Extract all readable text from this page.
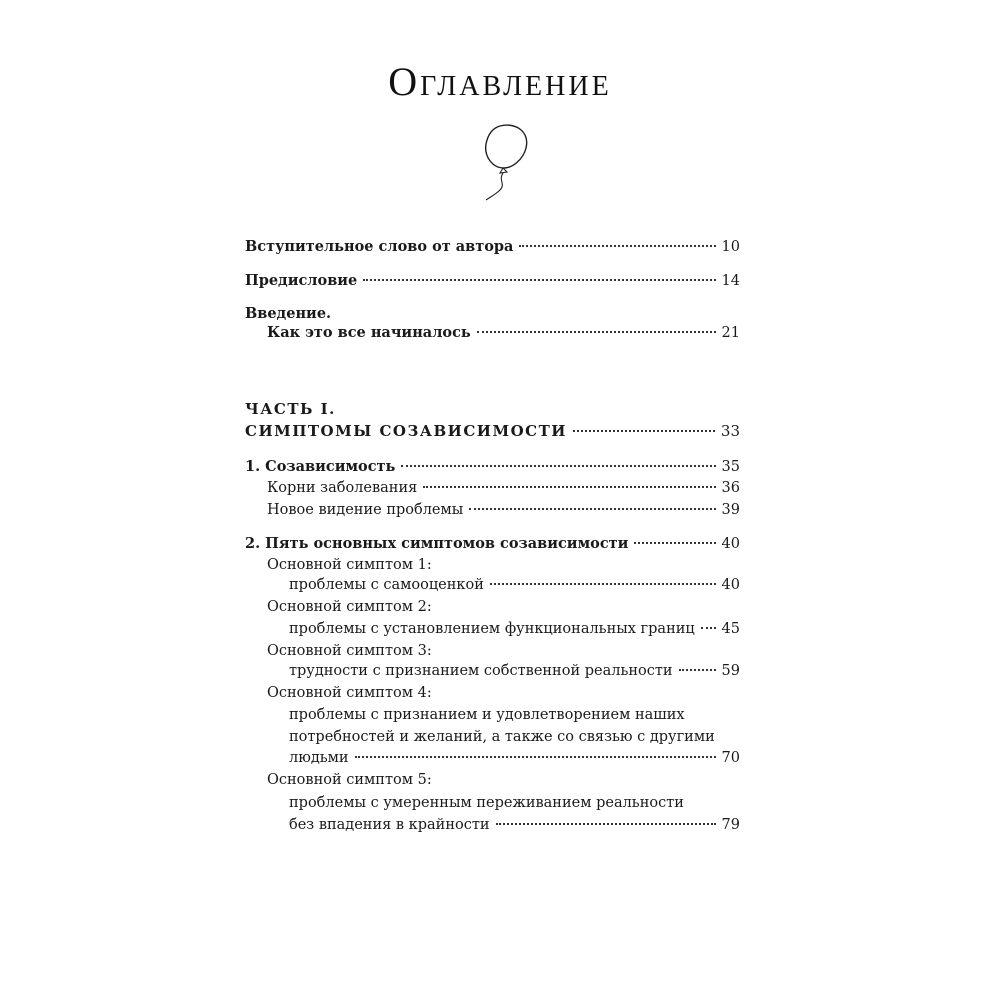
Оглавление
Вступительное слово от автора	10
Предисловие	14
Введение.
Как это все начиналось	21
ЧАСТЬ I.
СИМПТОМЫ СОЗАВИСИМОСТИ	33
1. Созависимость	35
Корни заболевания	36
Новое видение проблемы	39
2. Пять основных симптомов созависимости	40
Основной симптом 1:
проблемы с самооценкой	40
Основной симптом 2:
проблемы с установлением функциональных границ 45
Основной симптом 3:
трудности с признанием собственной реальности	59
Основной симптом 4:
проблемы с признанием и удовлетворением наших
потребностей и желаний, а также со связью с другими
людьми	70
Основной симптом 5:
проблемы с умеренным переживанием реальности
без впадения в крайности	79
